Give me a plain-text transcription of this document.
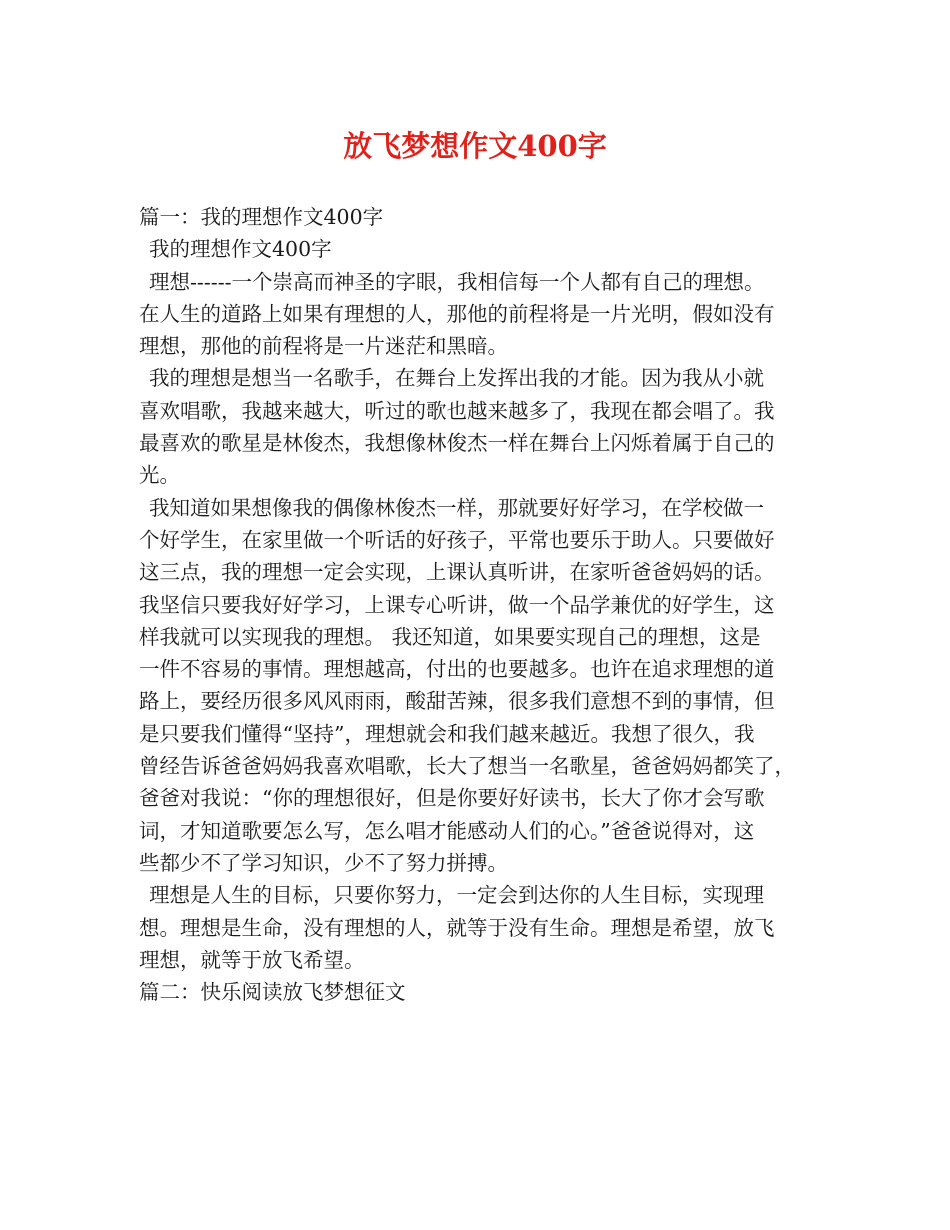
放飞梦想作文400字
篇一：我的理想作文400字
我的理想作文400字
理想------一个崇高而神圣的字眼，我相信每一个人都有自己的理想。
在人生的道路上如果有理想的人，那他的前程将是一片光明，假如没有
理想，那他的前程将是一片迷茫和黑暗。
我的理想是想当一名歌手，在舞台上发挥出我的才能。因为我从小就
喜欢唱歌，我越来越大，听过的歌也越来越多了，我现在都会唱了。我
最喜欢的歌星是林俊杰，我想像林俊杰一样在舞台上闪烁着属于自己的
光。
我知道如果想像我的偶像林俊杰一样，那就要好好学习，在学校做一
个好学生，在家里做一个听话的好孩子，平常也要乐于助人。只要做好
这三点，我的理想一定会实现，上课认真听讲，在家听爸爸妈妈的话。
我坚信只要我好好学习，上课专心听讲，做一个品学兼优的好学生，这
样我就可以实现我的理想。 我还知道，如果要实现自己的理想，这是
一件不容易的事情。理想越高，付出的也要越多。也许在追求理想的道
路上，要经历很多风风雨雨，酸甜苦辣，很多我们意想不到的事情，但
是只要我们懂得“坚持”，理想就会和我们越来越近。我想了很久，我
曾经告诉爸爸妈妈我喜欢唱歌，长大了想当一名歌星，爸爸妈妈都笑了，
爸爸对我说：“你的理想很好，但是你要好好读书，长大了你才会写歌
词，才知道歌要怎么写，怎么唱才能感动人们的心。”爸爸说得对，这
些都少不了学习知识，少不了努力拼搏。
理想是人生的目标，只要你努力，一定会到达你的人生目标，实现理
想。理想是生命，没有理想的人，就等于没有生命。理想是希望，放飞
理想，就等于放飞希望。
篇二：快乐阅读放飞梦想征文
